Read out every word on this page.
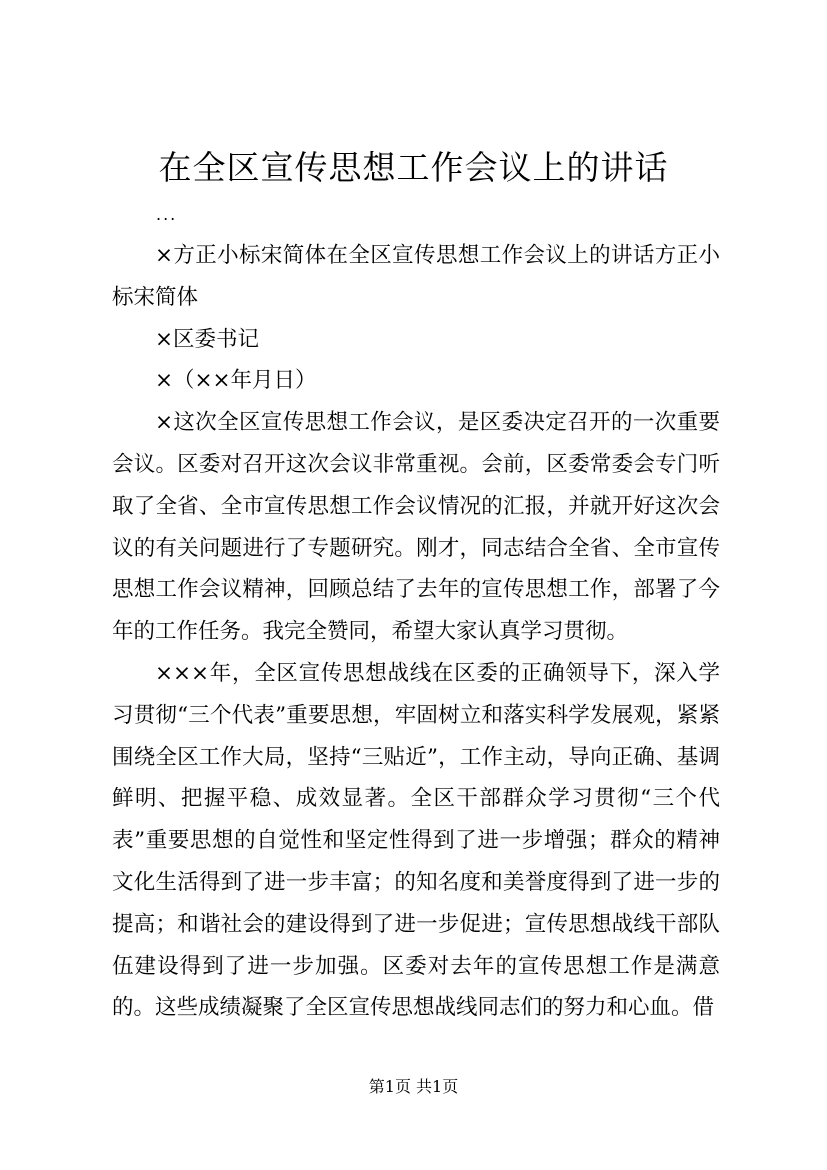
在全区宣传思想工作会议上的讲话
...

×方正小标宋简体在全区宣传思想工作会议上的讲话方正小标宋简体

×区委书记

×（××年月日）

×这次全区宣传思想工作会议，是区委决定召开的一次重要会议。区委对召开这次会议非常重视。会前，区委常委会专门听取了全省、全市宣传思想工作会议情况的汇报，并就开好这次会议的有关问题进行了专题研究。刚才，同志结合全省、全市宣传思想工作会议精神，回顾总结了去年的宣传思想工作，部署了今年的工作任务。我完全赞同，希望大家认真学习贯彻。

×××年，全区宣传思想战线在区委的正确领导下，深入学习贯彻“三个代表”重要思想，牢固树立和落实科学发展观，紧紧围绕全区工作大局，坚持“三贴近”，工作主动，导向正确、基调鲜明、把握平稳、成效显著。全区干部群众学习贯彻“三个代表”重要思想的自觉性和坚定性得到了进一步增强；群众的精神文化生活得到了进一步丰富；的知名度和美誉度得到了进一步的提高；和谐社会的建设得到了进一步促进；宣传思想战线干部队伍建设得到了进一步加强。区委对去年的宣传思想工作是满意的。这些成绩凝聚了全区宣传思想战线同志们的努力和心血。借

第1页 共1页
